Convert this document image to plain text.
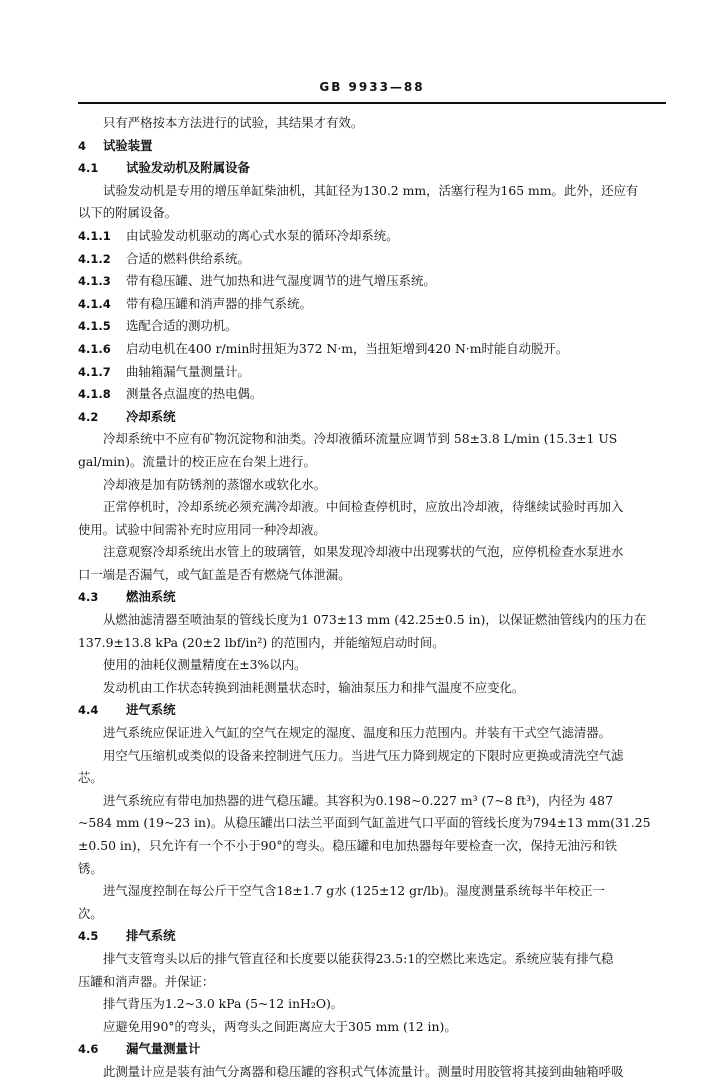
GB 9933—88
只有严格按本方法进行的试验，其结果才有效。
4 试验装置
4.1 试验发动机及附属设备
试验发动机是专用的增压单缸柴油机，其缸径为130.2 mm，活塞行程为165 mm。此外，还应有
以下的附属设备。
4.1.1 由试验发动机驱动的离心式水泵的循环冷却系统。
4.1.2 合适的燃料供给系统。
4.1.3 带有稳压罐、进气加热和进气湿度调节的进气增压系统。
4.1.4 带有稳压罐和消声器的排气系统。
4.1.5 选配合适的测功机。
4.1.6 启动电机在400 r/min时扭矩为372 N·m，当扭矩增到420 N·m时能自动脱开。
4.1.7 曲轴箱漏气量测量计。
4.1.8 测量各点温度的热电偶。
4.2 冷却系统
冷却系统中不应有矿物沉淀物和油类。冷却液循环流量应调节到 58±3.8 L/min (15.3±1 US
gal/min)。流量计的校正应在台架上进行。
冷却液是加有防锈剂的蒸馏水或软化水。
正常停机时，冷却系统必须充满冷却液。中间检查停机时，应放出冷却液，待继续试验时再加入
使用。试验中间需补充时应用同一种冷却液。
注意观察冷却系统出水管上的玻璃管，如果发现冷却液中出现雾状的气泡，应停机检查水泵进水
口一端是否漏气，或气缸盖是否有燃烧气体泄漏。
4.3 燃油系统
从燃油滤清器至喷油泵的管线长度为1 073±13 mm (42.25±0.5 in)，以保证燃油管线内的压力在
137.9±13.8 kPa (20±2 lbf/in²) 的范围内，并能缩短启动时间。
使用的油耗仪测量精度在±3%以内。
发动机由工作状态转换到油耗测量状态时，输油泵压力和排气温度不应变化。
4.4 进气系统
进气系统应保证进入气缸的空气在规定的湿度、温度和压力范围内。并装有干式空气滤清器。
用空气压缩机或类似的设备来控制进气压力。当进气压力降到规定的下限时应更换或清洗空气滤
芯。
进气系统应有带电加热器的进气稳压罐。其容积为0.198~0.227 m³ (7~8 ft³)，内径为 487
~584 mm (19~23 in)。从稳压罐出口法兰平面到气缸盖进气口平面的管线长度为794±13 mm(31.25
±0.50 in)，只允许有一个不小于90°的弯头。稳压罐和电加热器每年要检查一次，保持无油污和铁
锈。
进气湿度控制在每公斤干空气含18±1.7 g水 (125±12 gr/lb)。湿度测量系统每半年校正一
次。
4.5 排气系统
排气支管弯头以后的排气管直径和长度要以能获得23.5:1的空燃比来选定。系统应装有排气稳
压罐和消声器。并保证：
排气背压为1.2~3.0 kPa (5~12 inH₂O)。
应避免用90°的弯头，两弯头之间距离应大于305 mm (12 in)。
4.6 漏气量测量计
此测量计应是装有油气分离器和稳压罐的容积式气体流量计。测量时用胶管将其接到曲轴箱呼吸
